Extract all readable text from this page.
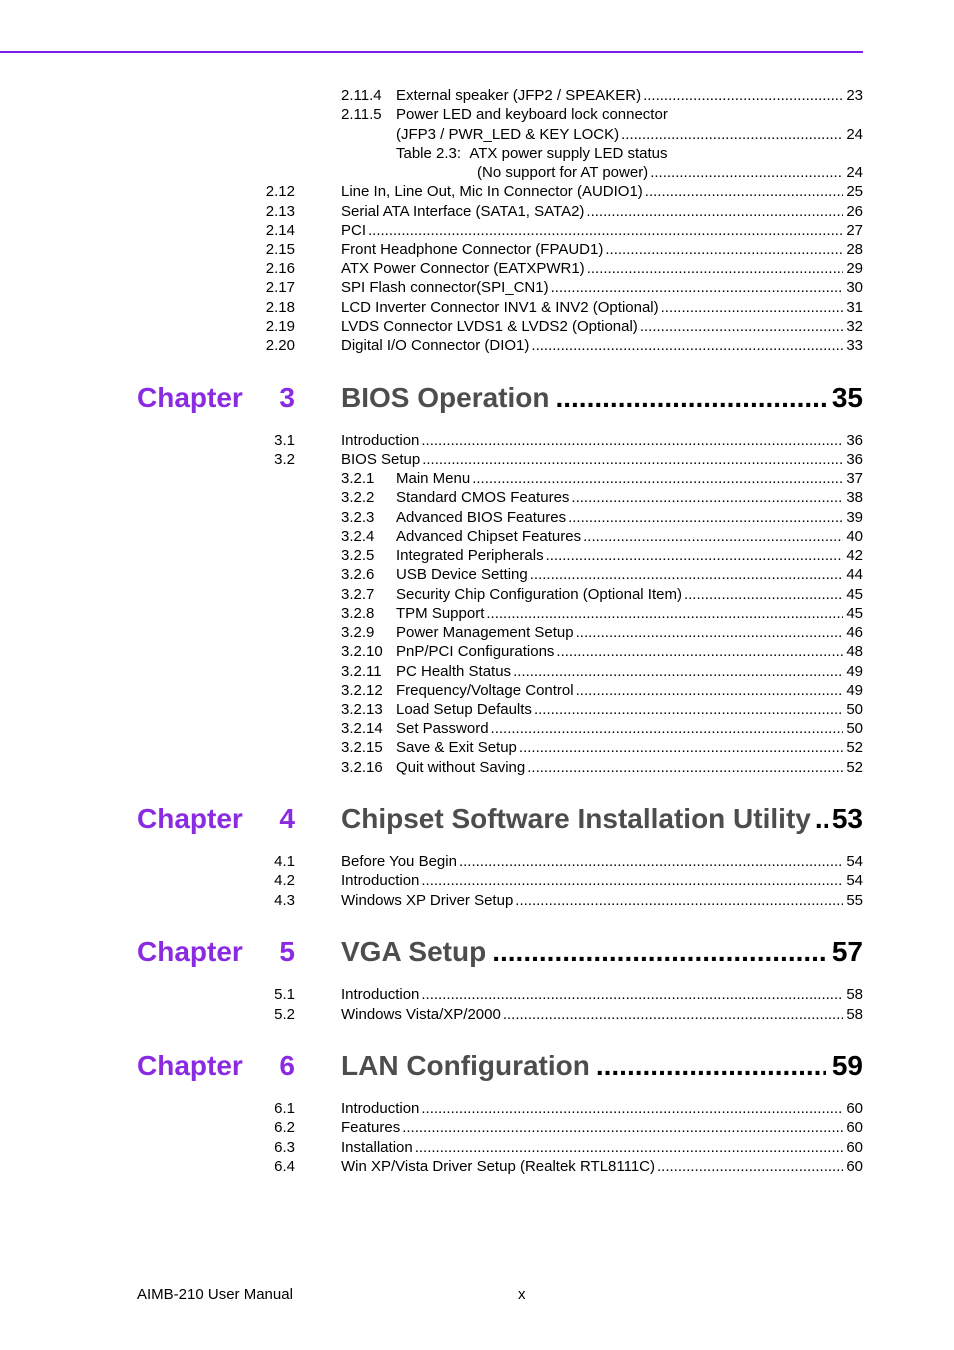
2.11.4 External speaker (JFP2 / SPEAKER) .....	23
2.11.5 Power LED and keyboard lock connector
(JFP3 / PWR_LED & KEY LOCK) .....	24
Table 2.3:  ATX power supply LED status
(No support for AT power) .....	24
2.12	Line In, Line Out, Mic In Connector (AUDIO1) .....	25
2.13	Serial ATA Interface (SATA1, SATA2) .....	26
2.14	PCI .....	27
2.15	Front Headphone Connector (FPAUD1) .....	28
2.16	ATX Power Connector (EATXPWR1) .....	29
2.17	SPI Flash connector(SPI_CN1) .....	30
2.18	LCD Inverter Connector INV1 & INV2 (Optional) .....	31
2.19	LVDS Connector LVDS1 & LVDS2 (Optional) .....	32
2.20	Digital I/O Connector (DIO1) .....	33
Chapter 3 BIOS Operation .....	35
3.1	Introduction .....	36
3.2	BIOS Setup .....	36
3.2.1	Main Menu .....	37
3.2.2	Standard CMOS Features .....	38
3.2.3	Advanced BIOS Features .....	39
3.2.4	Advanced Chipset Features .....	40
3.2.5	Integrated Peripherals .....	42
3.2.6	USB Device Setting .....	44
3.2.7	Security Chip Configuration (Optional Item) .....	45
3.2.8	TPM Support .....	45
3.2.9	Power Management Setup .....	46
3.2.10 PnP/PCI Configurations .....	48
3.2.11 PC Health Status .....	49
3.2.12 Frequency/Voltage Control .....	49
3.2.13 Load Setup Defaults .....	50
3.2.14 Set Password .....	50
3.2.15 Save & Exit Setup .....	52
3.2.16 Quit without Saving .....	52
Chapter 4 Chipset Software Installation Utility ..... 53
4.1	Before You Begin .....	54
4.2	Introduction .....	54
4.3	Windows XP Driver Setup .....	55
Chapter 5 VGA Setup .....	57
5.1	Introduction .....	58
5.2	Windows Vista/XP/2000 .....	58
Chapter 6 LAN Configuration .....	59
6.1	Introduction .....	60
6.2	Features .....	60
6.3	Installation .....	60
6.4	Win XP/Vista Driver Setup (Realtek RTL8111C) .....	60
AIMB-210 User Manual	x
